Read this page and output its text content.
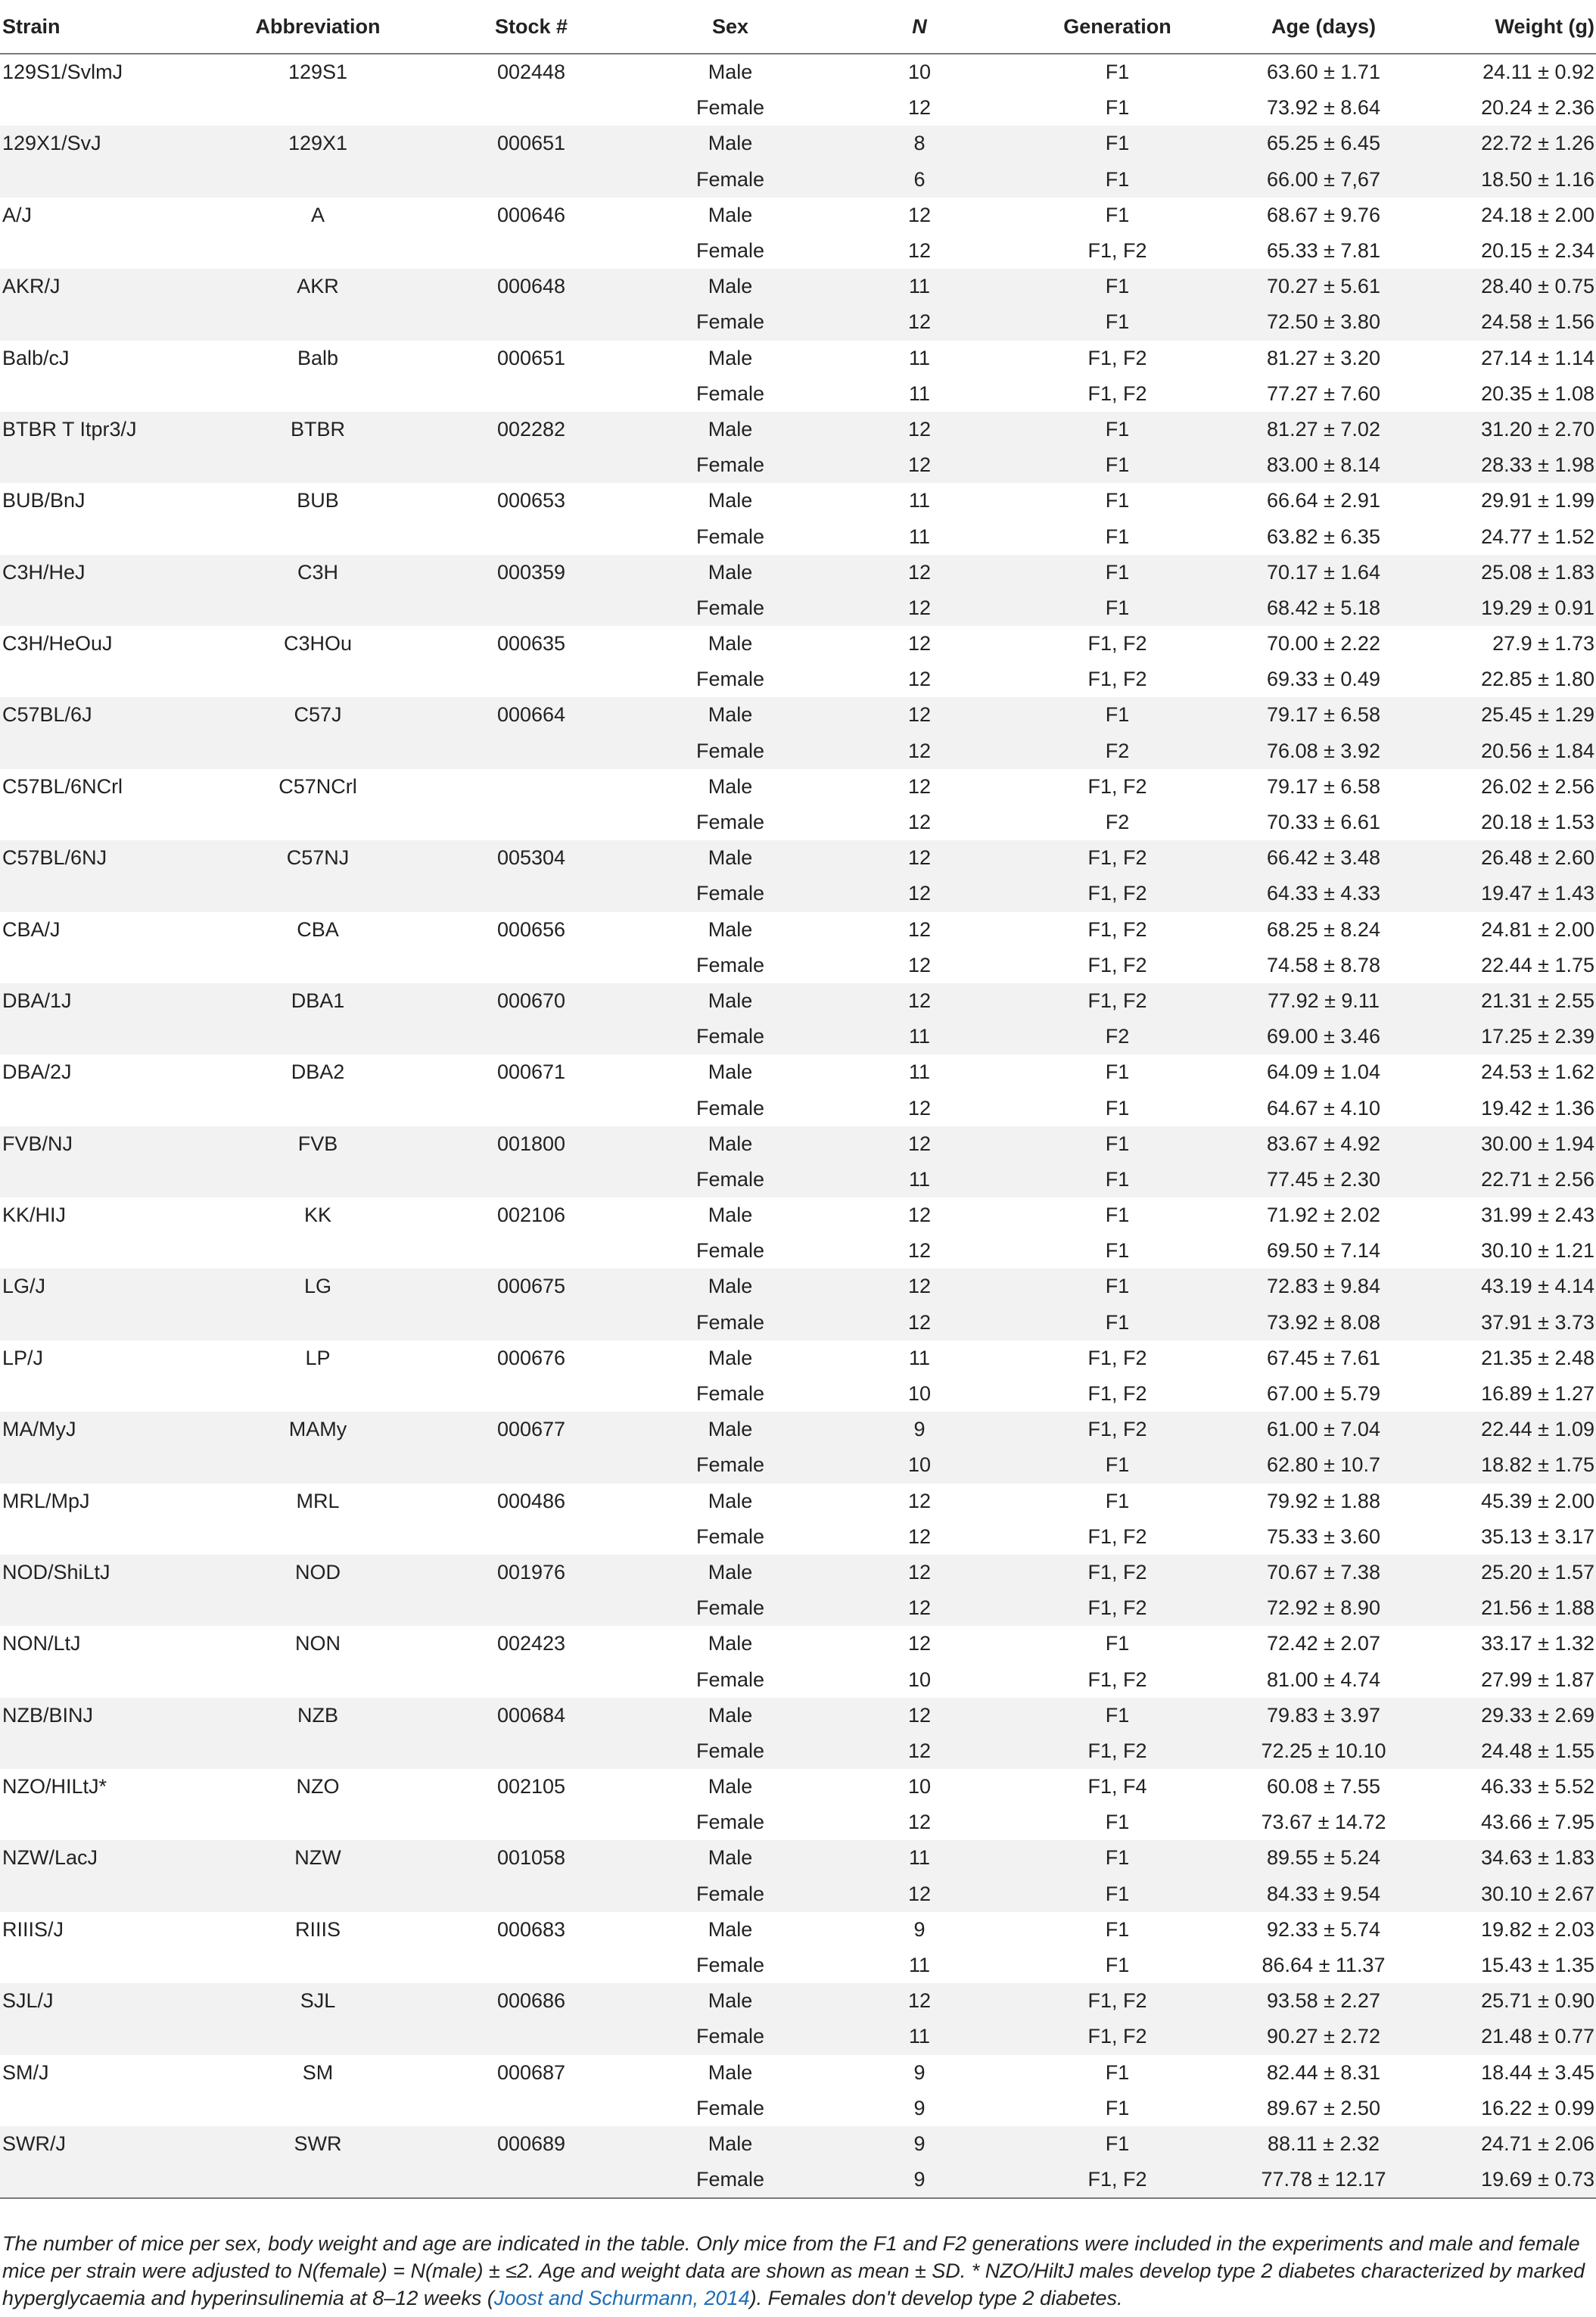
Strain	Abbreviation	Stock #	Sex	N	Generation	Age (days)	Weight (g)
129S1/SvlmJ	129S1	002448	Male	10	F1	63.60 ± 1.71	24.11 ± 0.92
			Female	12	F1	73.92 ± 8.64	20.24 ± 2.36
129X1/SvJ	129X1	000651	Male	8	F1	65.25 ± 6.45	22.72 ± 1.26
			Female	6	F1	66.00 ± 7,67	18.50 ± 1.16
A/J	A	000646	Male	12	F1	68.67 ± 9.76	24.18 ± 2.00
			Female	12	F1, F2	65.33 ± 7.81	20.15 ± 2.34
AKR/J	AKR	000648	Male	11	F1	70.27 ± 5.61	28.40 ± 0.75
			Female	12	F1	72.50 ± 3.80	24.58 ± 1.56
Balb/cJ	Balb	000651	Male	11	F1, F2	81.27 ± 3.20	27.14 ± 1.14
			Female	11	F1, F2	77.27 ± 7.60	20.35 ± 1.08
BTBR T Itpr3/J	BTBR	002282	Male	12	F1	81.27 ± 7.02	31.20 ± 2.70
			Female	12	F1	83.00 ± 8.14	28.33 ± 1.98
BUB/BnJ	BUB	000653	Male	11	F1	66.64 ± 2.91	29.91 ± 1.99
			Female	11	F1	63.82 ± 6.35	24.77 ± 1.52
C3H/HeJ	C3H	000359	Male	12	F1	70.17 ± 1.64	25.08 ± 1.83
			Female	12	F1	68.42 ± 5.18	19.29 ± 0.91
C3H/HeOuJ	C3HOu	000635	Male	12	F1, F2	70.00 ± 2.22	27.9 ± 1.73
			Female	12	F1, F2	69.33 ± 0.49	22.85 ± 1.80
C57BL/6J	C57J	000664	Male	12	F1	79.17 ± 6.58	25.45 ± 1.29
			Female	12	F2	76.08 ± 3.92	20.56 ± 1.84
C57BL/6NCrl	C57NCrl		Male	12	F1, F2	79.17 ± 6.58	26.02 ± 2.56
			Female	12	F2	70.33 ± 6.61	20.18 ± 1.53
C57BL/6NJ	C57NJ	005304	Male	12	F1, F2	66.42 ± 3.48	26.48 ± 2.60
			Female	12	F1, F2	64.33 ± 4.33	19.47 ± 1.43
CBA/J	CBA	000656	Male	12	F1, F2	68.25 ± 8.24	24.81 ± 2.00
			Female	12	F1, F2	74.58 ± 8.78	22.44 ± 1.75
DBA/1J	DBA1	000670	Male	12	F1, F2	77.92 ± 9.11	21.31 ± 2.55
			Female	11	F2	69.00 ± 3.46	17.25 ± 2.39
DBA/2J	DBA2	000671	Male	11	F1	64.09 ± 1.04	24.53 ± 1.62
			Female	12	F1	64.67 ± 4.10	19.42 ± 1.36
FVB/NJ	FVB	001800	Male	12	F1	83.67 ± 4.92	30.00 ± 1.94
			Female	11	F1	77.45 ± 2.30	22.71 ± 2.56
KK/HIJ	KK	002106	Male	12	F1	71.92 ± 2.02	31.99 ± 2.43
			Female	12	F1	69.50 ± 7.14	30.10 ± 1.21
LG/J	LG	000675	Male	12	F1	72.83 ± 9.84	43.19 ± 4.14
			Female	12	F1	73.92 ± 8.08	37.91 ± 3.73
LP/J	LP	000676	Male	11	F1, F2	67.45 ± 7.61	21.35 ± 2.48
			Female	10	F1, F2	67.00 ± 5.79	16.89 ± 1.27
MA/MyJ	MAMy	000677	Male	9	F1, F2	61.00 ± 7.04	22.44 ± 1.09
			Female	10	F1	62.80 ± 10.7	18.82 ± 1.75
MRL/MpJ	MRL	000486	Male	12	F1	79.92 ± 1.88	45.39 ± 2.00
			Female	12	F1, F2	75.33 ± 3.60	35.13 ± 3.17
NOD/ShiLtJ	NOD	001976	Male	12	F1, F2	70.67 ± 7.38	25.20 ± 1.57
			Female	12	F1, F2	72.92 ± 8.90	21.56 ± 1.88
NON/LtJ	NON	002423	Male	12	F1	72.42 ± 2.07	33.17 ± 1.32
			Female	10	F1, F2	81.00 ± 4.74	27.99 ± 1.87
NZB/BINJ	NZB	000684	Male	12	F1	79.83 ± 3.97	29.33 ± 2.69
			Female	12	F1, F2	72.25 ± 10.10	24.48 ± 1.55
NZO/HILtJ*	NZO	002105	Male	10	F1, F4	60.08 ± 7.55	46.33 ± 5.52
			Female	12	F1	73.67 ± 14.72	43.66 ± 7.95
NZW/LacJ	NZW	001058	Male	11	F1	89.55 ± 5.24	34.63 ± 1.83
			Female	12	F1	84.33 ± 9.54	30.10 ± 2.67
RIIIS/J	RIIIS	000683	Male	9	F1	92.33 ± 5.74	19.82 ± 2.03
			Female	11	F1	86.64 ± 11.37	15.43 ± 1.35
SJL/J	SJL	000686	Male	12	F1, F2	93.58 ± 2.27	25.71 ± 0.90
			Female	11	F1, F2	90.27 ± 2.72	21.48 ± 0.77
SM/J	SM	000687	Male	9	F1	82.44 ± 8.31	18.44 ± 3.45
			Female	9	F1	89.67 ± 2.50	16.22 ± 0.99
SWR/J	SWR	000689	Male	9	F1	88.11 ± 2.32	24.71 ± 2.06
			Female	9	F1, F2	77.78 ± 12.17	19.69 ± 0.73
The number of mice per sex, body weight and age are indicated in the table. Only mice from the F1 and F2 generations were included in the experiments and male and female mice per strain were adjusted to N(female) = N(male) ± ≤2. Age and weight data are shown as mean ± SD. * NZO/HiltJ males develop type 2 diabetes characterized by marked hyperglycaemia and hyperinsulinemia at 8–12 weeks (Joost and Schurmann, 2014). Females don't develop type 2 diabetes.
